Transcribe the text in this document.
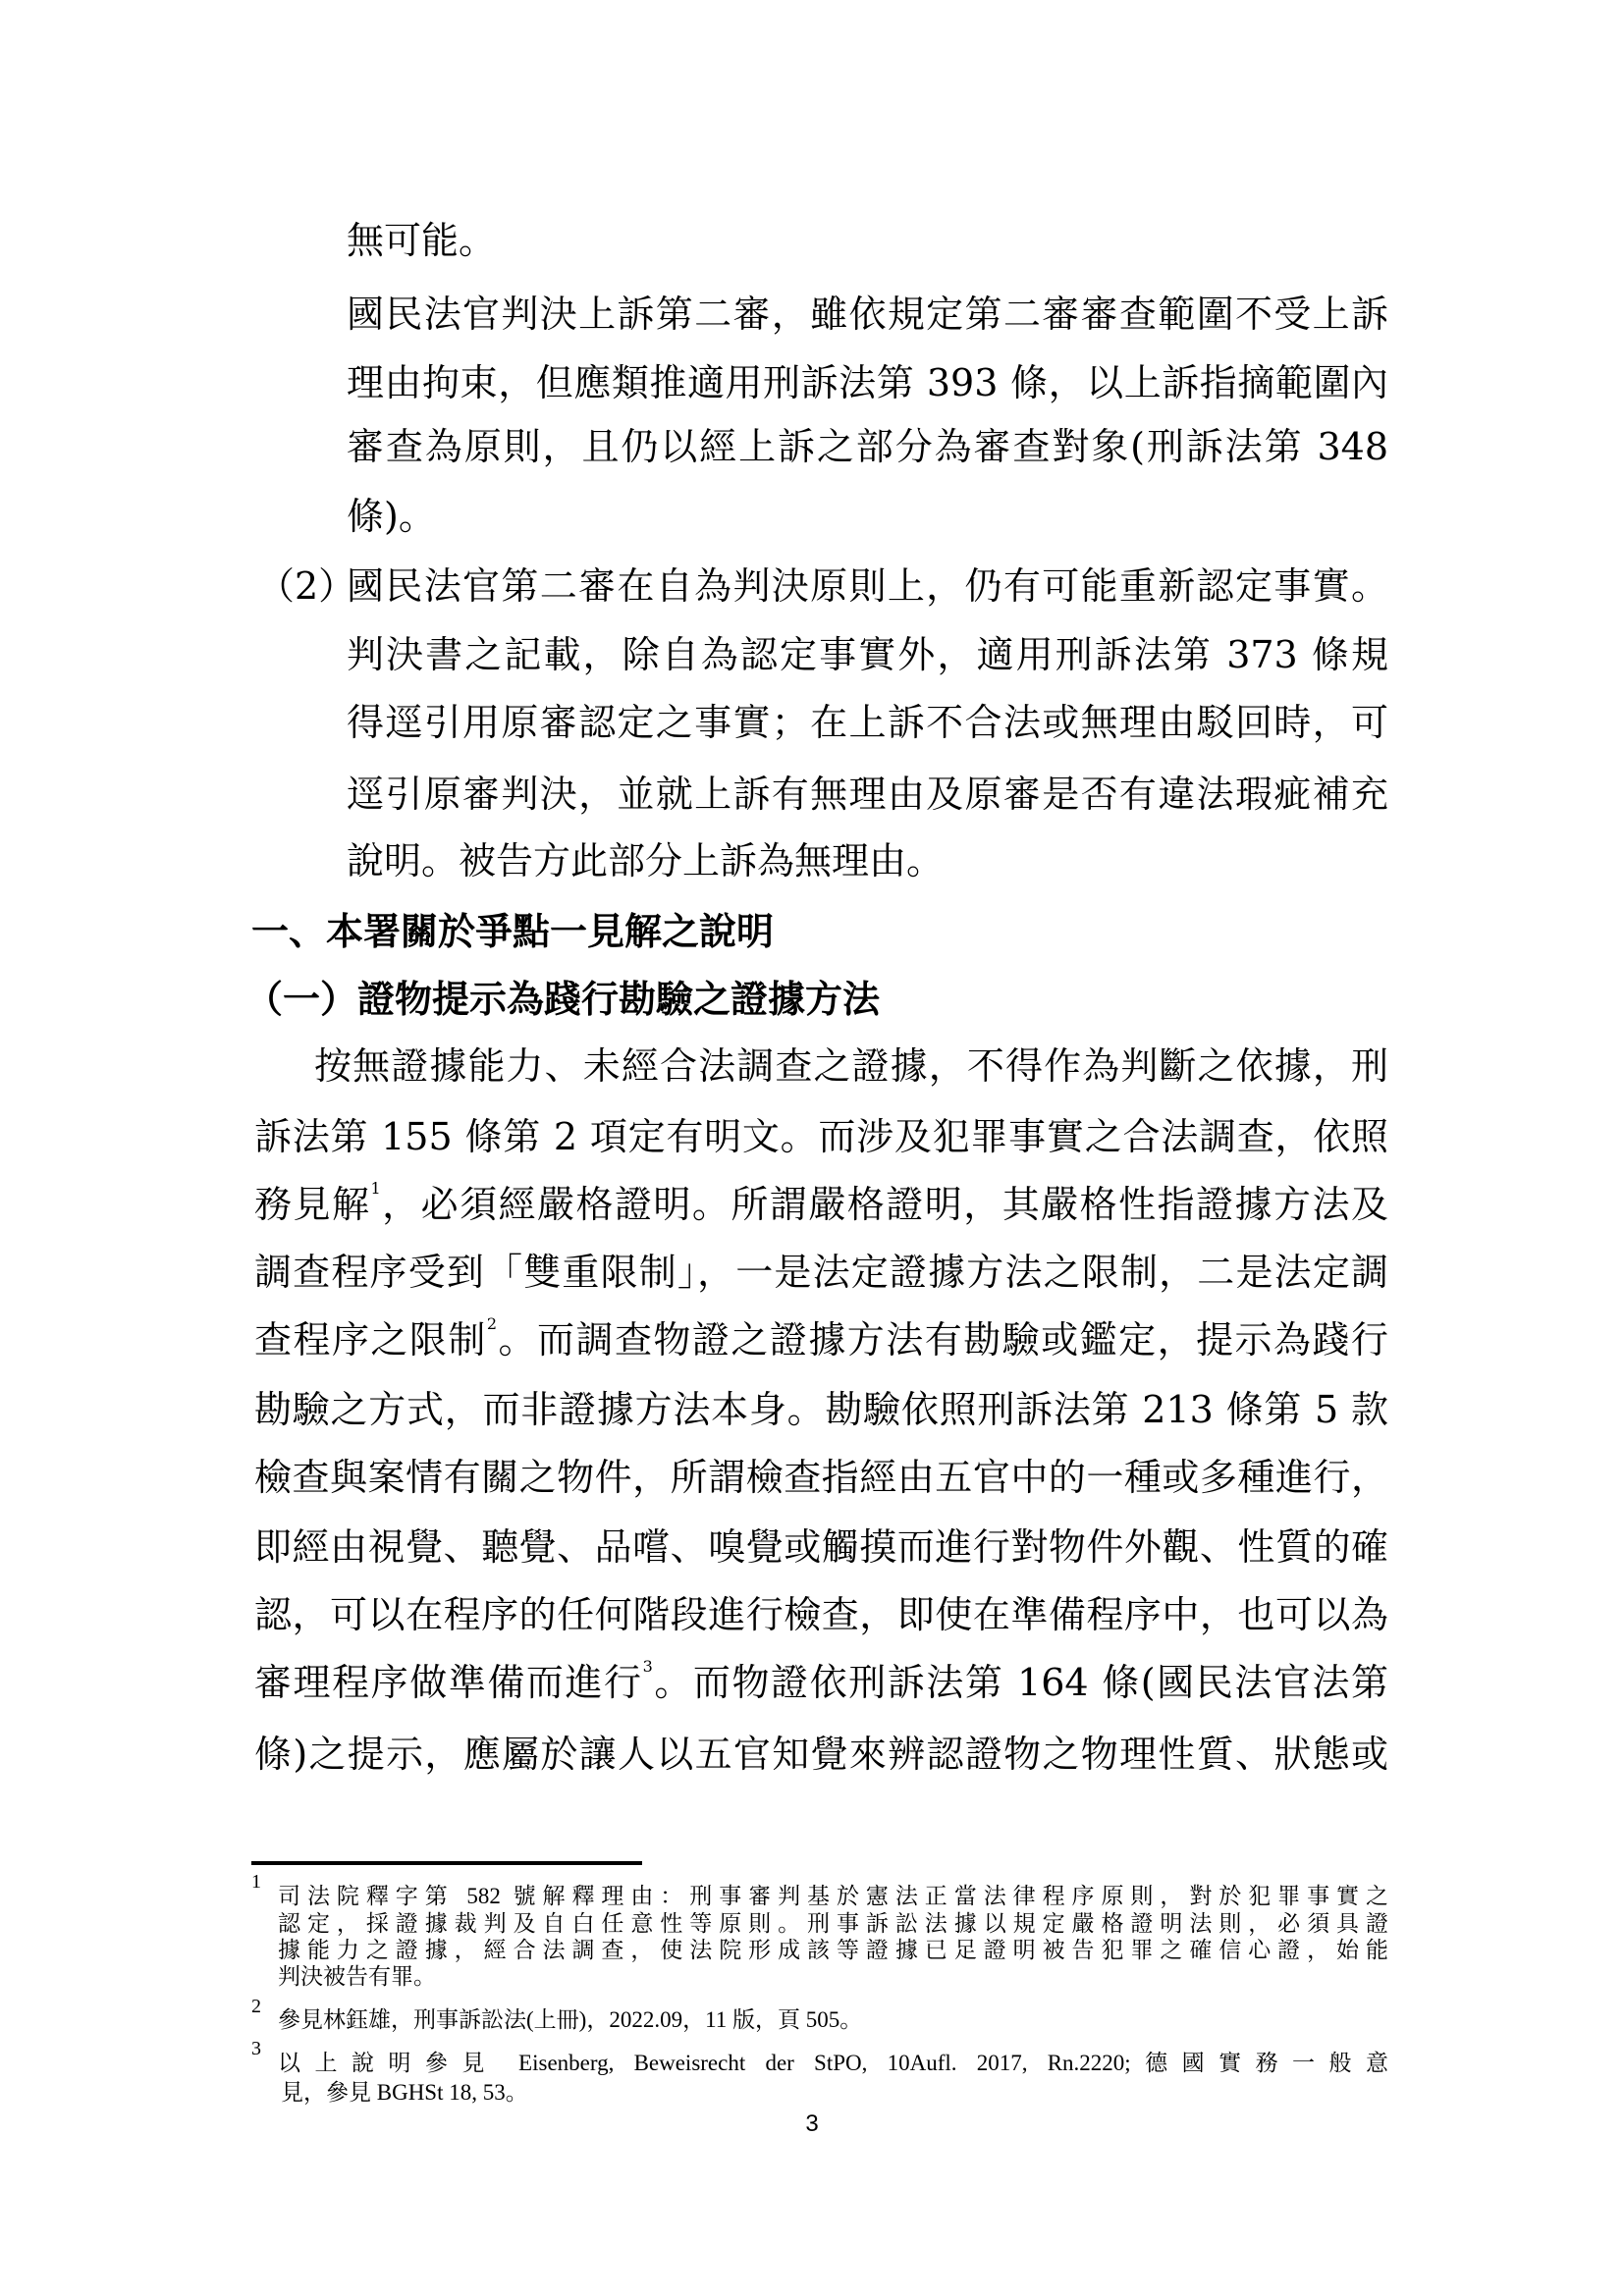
無可能。
國民法官判決上訴第二審，雖依規定第二審審查範圍不受上訴
理由拘束，但應類推適用刑訴法第 393 條，以上訴指摘範圍內
審查為原則，且仍以經上訴之部分為審查對象(刑訴法第 348
條)。
（2）
國民法官第二審在自為判決原則上，仍有可能重新認定事實。
判決書之記載，除自為認定事實外，適用刑訴法第 373 條規
得逕引用原審認定之事實；在上訴不合法或無理由駁回時，可
逕引原審判決，並就上訴有無理由及原審是否有違法瑕疵補充
說明。被告方此部分上訴為無理由。
一、本署關於爭點一見解之說明
（一）證物提示為踐行勘驗之證據方法
按無證據能力、未經合法調查之證據，不得作為判斷之依據，刑
訴法第 155 條第 2 項定有明文。而涉及犯罪事實之合法調查，依照
務見解$^1$，必須經嚴格證明。所謂嚴格證明，其嚴格性指證據方法及
調查程序受到「雙重限制」，一是法定證據方法之限制，二是法定調
查程序之限制$^2$。而調查物證之證據方法有勘驗或鑑定，提示為踐行
勘驗之方式，而非證據方法本身。勘驗依照刑訴法第 213 條第 5 款
檢查與案情有關之物件，所謂檢查指經由五官中的一種或多種進行，
即經由視覺、聽覺、品嚐、嗅覺或觸摸而進行對物件外觀、性質的確
認，可以在程序的任何階段進行檢查，即使在準備程序中，也可以為
審理程序做準備而進行$^3$。而物證依刑訴法第 164 條(國民法官法第
條)之提示，應屬於讓人以五官知覺來辨認證物之物理性質、狀態或
1
司法院釋字第 582 號解釋理由：刑事審判基於憲法正當法律程序原則，對於犯罪事實之
認定，採證據裁判及自白任意性等原則。刑事訴訟法據以規定嚴格證明法則，必須具證
據能力之證據，經合法調查，使法院形成該等證據已足證明被告犯罪之確信心證，始能
判決被告有罪。
2
參見林鈺雄，刑事訴訟法(上冊)，2022.09，11 版，頁 505。
3
以上說明參見 Eisenberg, Beweisrecht der StPO, 10Aufl. 2017, Rn.2220;德國實務一般意
見，參見 BGHSt 18, 53。
3
